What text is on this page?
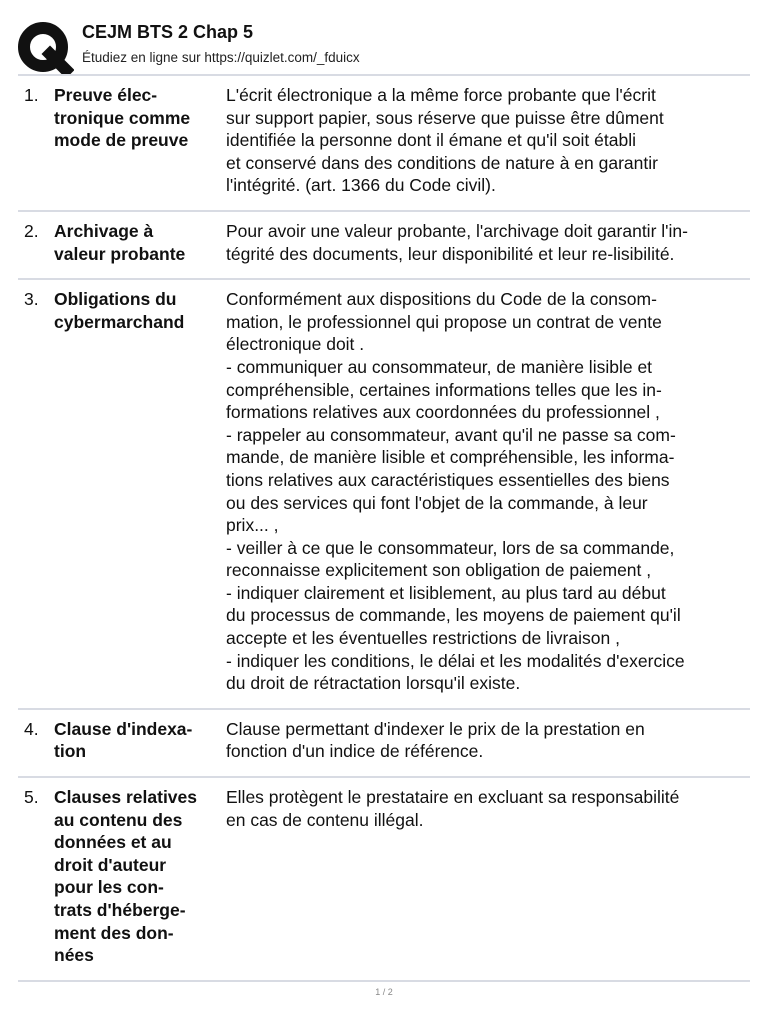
CEJM BTS 2 Chap 5
Étudiez en ligne sur https://quizlet.com/_fduicx
1. Preuve élec-
tronique comme
mode de preuve
L'écrit électronique a la même force probante que l'écrit
sur support papier, sous réserve que puisse être dûment
identifiée la personne dont il émane et qu'il soit établi
et conservé dans des conditions de nature à en garantir
l'intégrité. (art. 1366 du Code civil).
2. Archivage à
valeur probante
Pour avoir une valeur probante, l'archivage doit garantir l'in-
tégrité des documents, leur disponibilité et leur re-lisibilité.
3. Obligations du
cybermarchand
Conformément aux dispositions du Code de la consom-
mation, le professionnel qui propose un contrat de vente
électronique doit .
- communiquer au consommateur, de manière lisible et
compréhensible, certaines informations telles que les in-
formations relatives aux coordonnées du professionnel ,
- rappeler au consommateur, avant qu'il ne passe sa com-
mande, de manière lisible et compréhensible, les informa-
tions relatives aux caractéristiques essentielles des biens
ou des services qui font l'objet de la commande, à leur
prix... ,
- veiller à ce que le consommateur, lors de sa commande,
reconnaisse explicitement son obligation de paiement ,
- indiquer clairement et lisiblement, au plus tard au début
du processus de commande, les moyens de paiement qu'il
accepte et les éventuelles restrictions de livraison ,
- indiquer les conditions, le délai et les modalités d'exercice
du droit de rétractation lorsqu'il existe.
4. Clause d'indexa-
tion
Clause permettant d'indexer le prix de la prestation en
fonction d'un indice de référence.
5. Clauses relatives
au contenu des
données et au
droit d'auteur
pour les con-
trats d'héberge-
ment des don-
nées
Elles protègent le prestataire en excluant sa responsabilité
en cas de contenu illégal.
1 / 2
